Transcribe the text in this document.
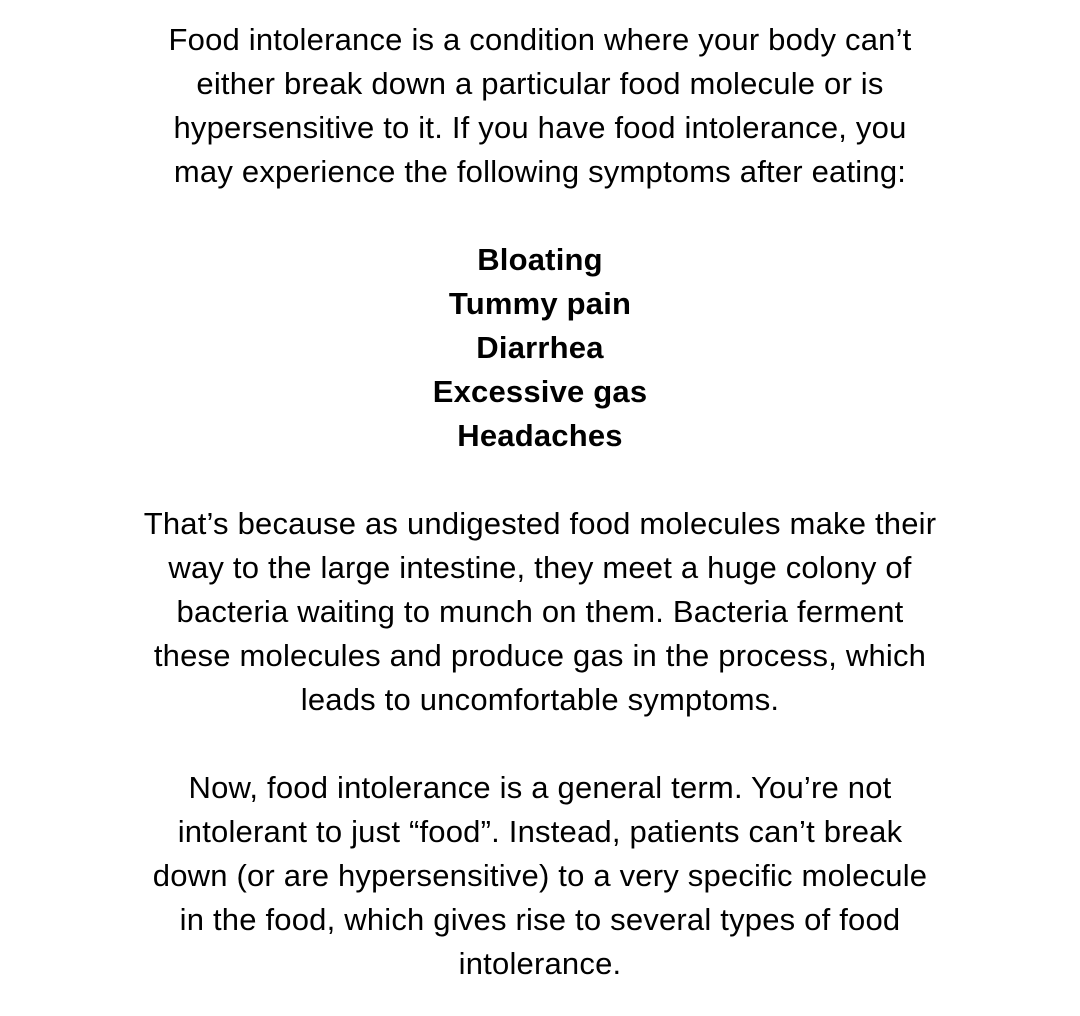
Food intolerance is a condition where your body can’t
either break down a particular food molecule or is
hypersensitive to it. If you have food intolerance, you
may experience the following symptoms after eating:
Bloating
Tummy pain
Diarrhea
Excessive gas
Headaches
That’s because as undigested food molecules make their
way to the large intestine, they meet a huge colony of
bacteria waiting to munch on them. Bacteria ferment
these molecules and produce gas in the process, which
leads to uncomfortable symptoms.
Now, food intolerance is a general term. You’re not
intolerant to just “food”. Instead, patients can’t break
down (or are hypersensitive) to a very specific molecule
in the food, which gives rise to several types of food
intolerance.
